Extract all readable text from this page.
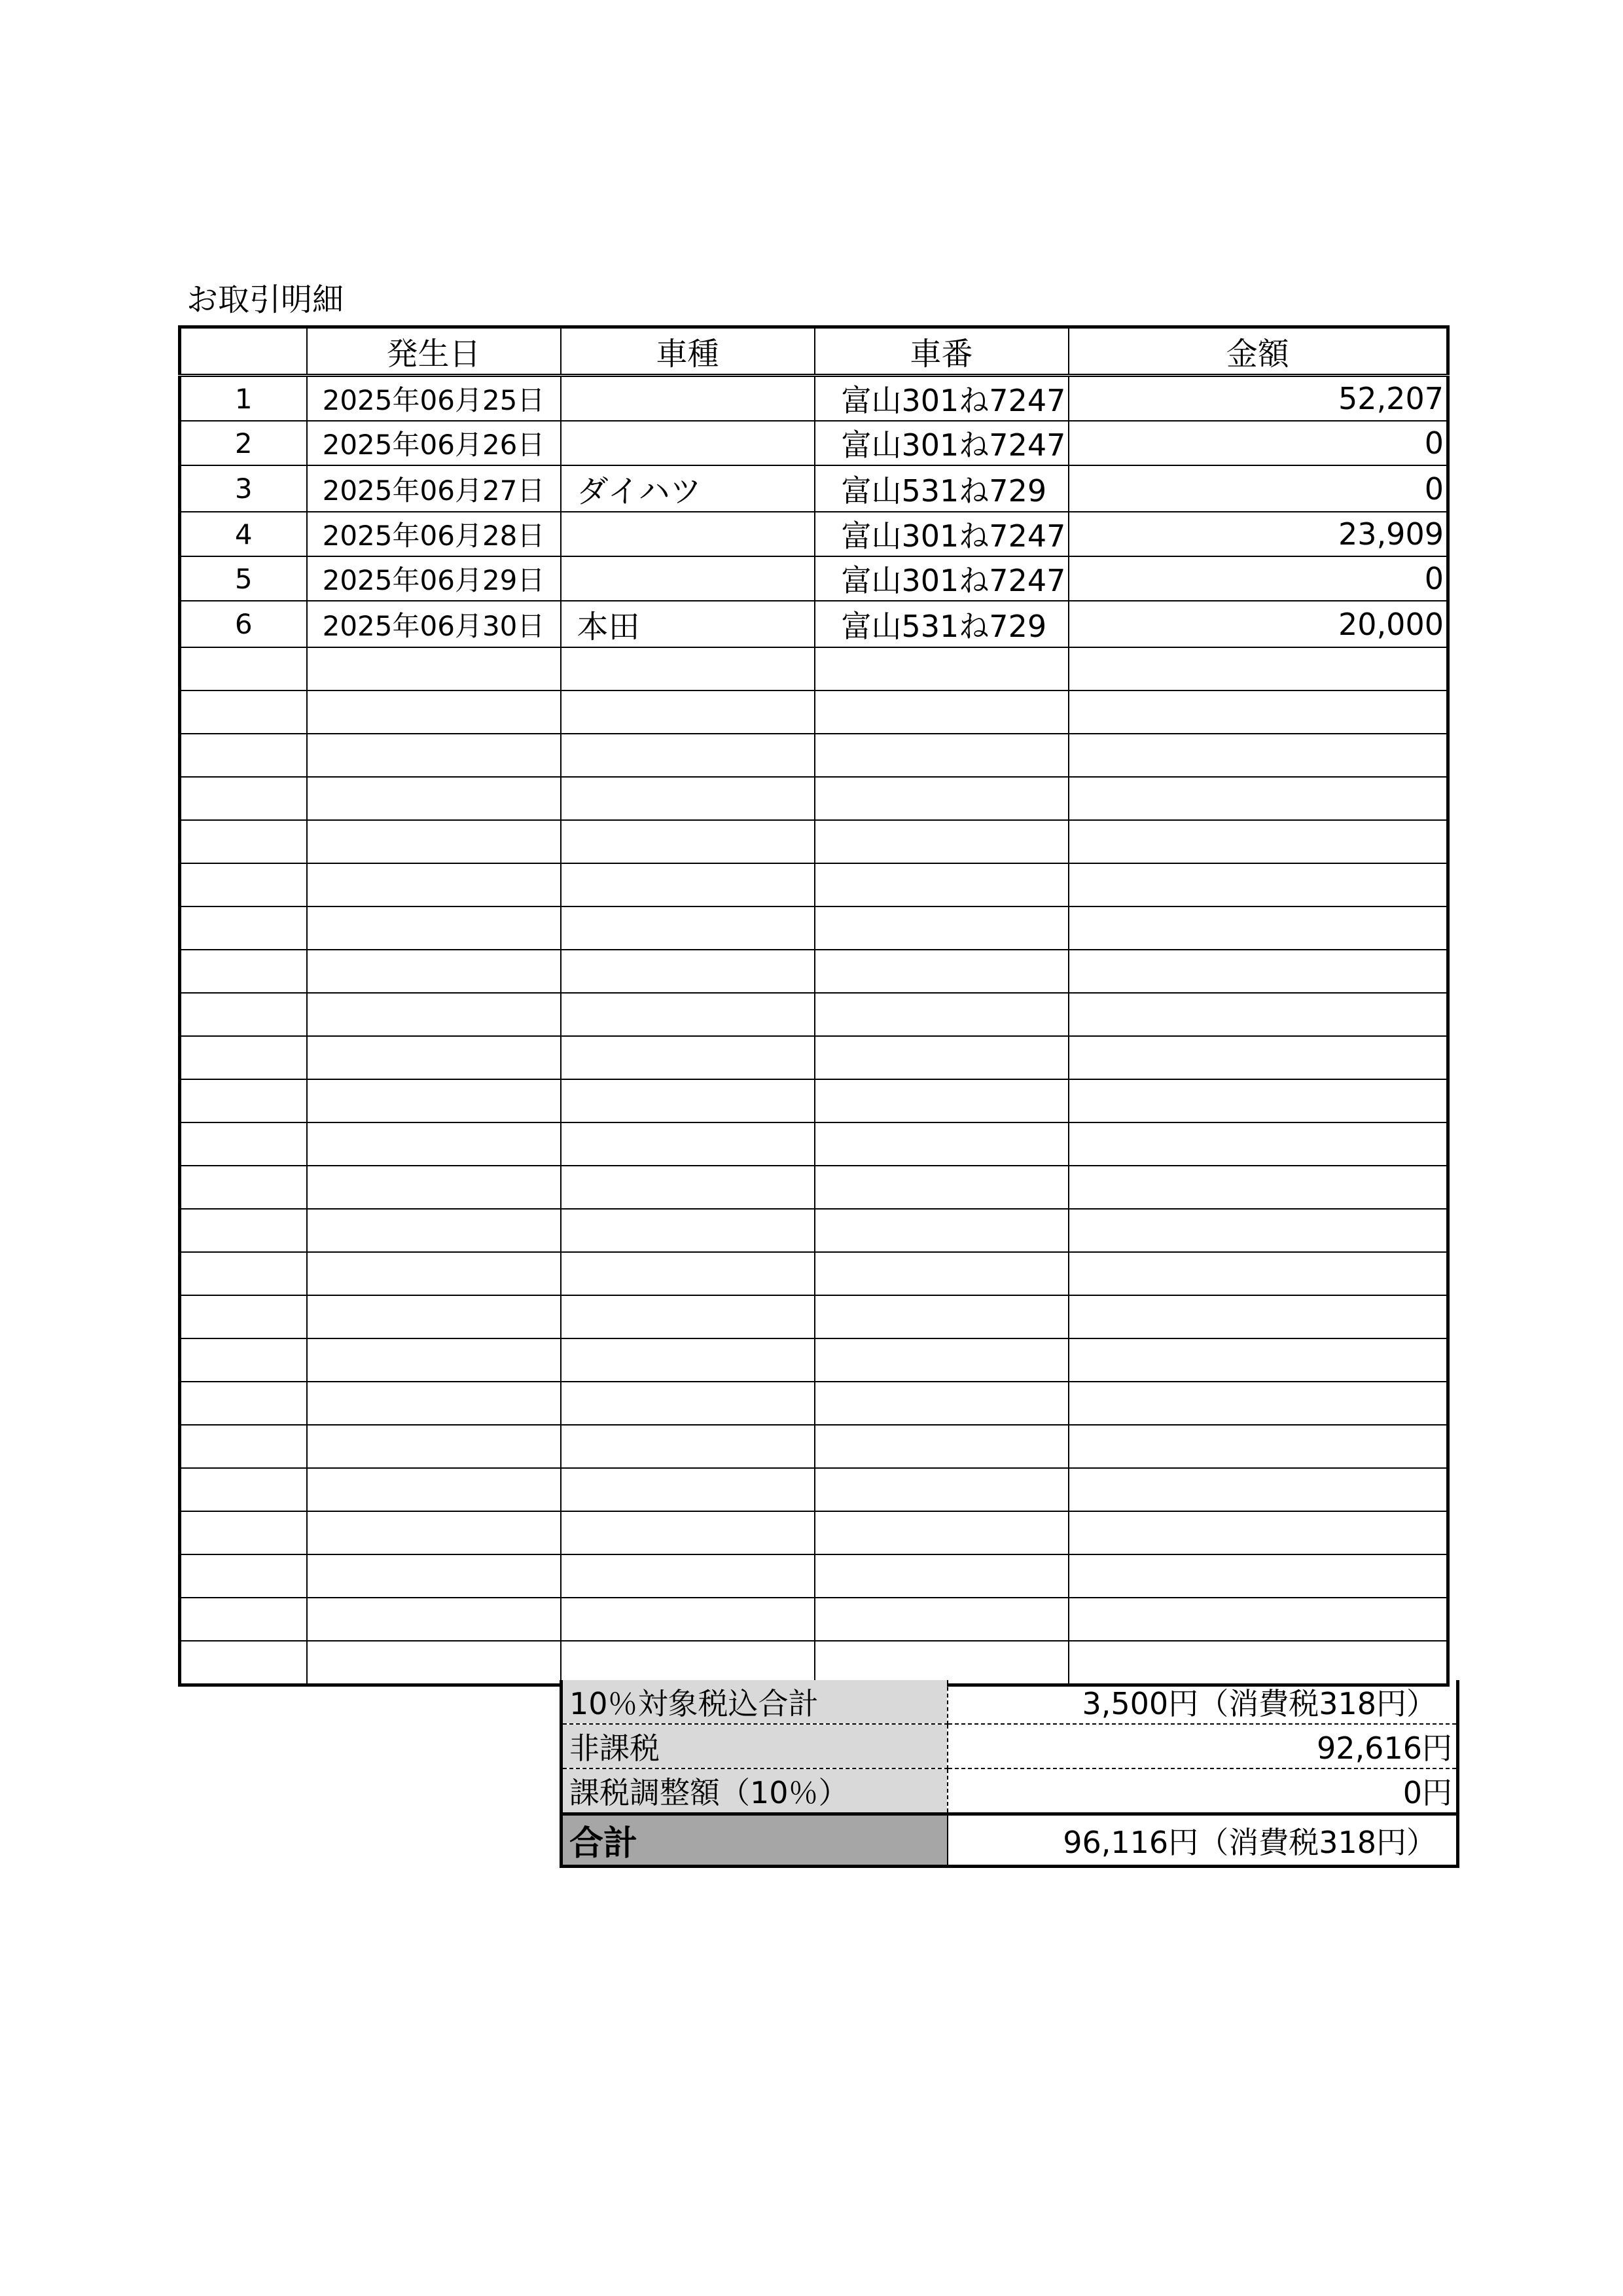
お取引明細
	発生日	車種	車番	金額
1	2025年06月25日		富山301ね7247	52,207
2	2025年06月26日		富山301ね7247	0
3	2025年06月27日	ダイハツ	富山531ね729	0
4	2025年06月28日		富山301ね7247	23,909
5	2025年06月29日		富山301ね7247	0
6	2025年06月30日	本田	富山531ね729	20,000

10％対象税込合計	3,500円（消費税318円）
非課税	92,616円
課税調整額（10％）	0円
合計	96,116円（消費税318円）
